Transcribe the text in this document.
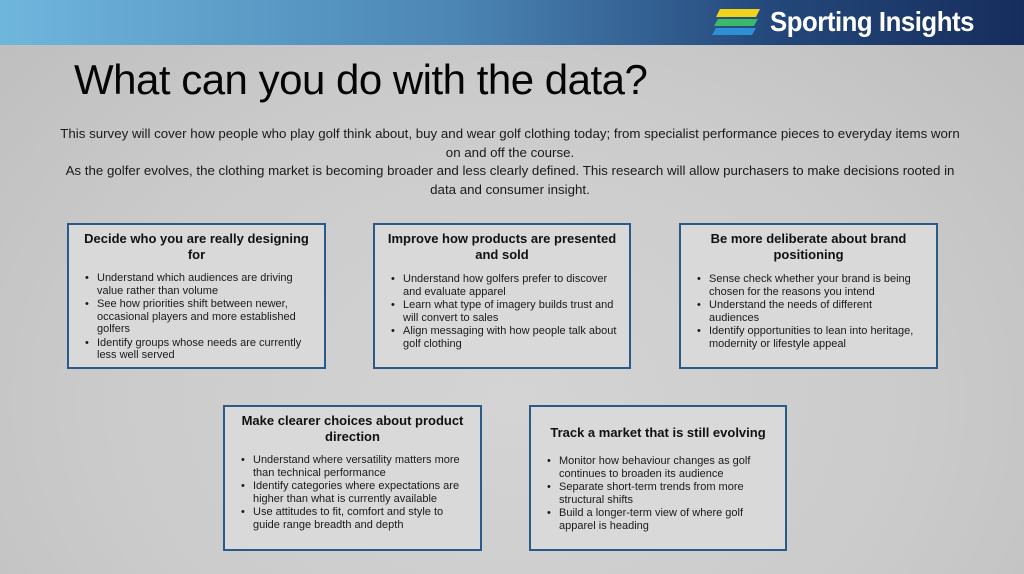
Sporting Insights
What can you do with the data?

This survey will cover how people who play golf think about, buy and wear golf clothing today; from specialist performance pieces to everyday items worn on and off the course.

As the golfer evolves, the clothing market is becoming broader and less clearly defined. This research will allow purchasers to make decisions rooted in data and consumer insight.

Decide who you are really designing for
• Understand which audiences are driving value rather than volume
• See how priorities shift between newer, occasional players and more established golfers
• Identify groups whose needs are currently less well served
Improve how products are presented and sold
• Understand how golfers prefer to discover and evaluate apparel
• Learn what type of imagery builds trust and will convert to sales
• Align messaging with how people talk about golf clothing
Be more deliberate about brand positioning
• Sense check whether your brand is being chosen for the reasons you intend
• Understand the needs of different audiences
• Identify opportunities to lean into heritage, modernity or lifestyle appeal
Make clearer choices about product direction
• Understand where versatility matters more than technical performance
• Identify categories where expectations are higher than what is currently available
• Use attitudes to fit, comfort and style to guide range breadth and depth
Track a market that is still evolving
• Monitor how behaviour changes as golf continues to broaden its audience
• Separate short-term trends from more structural shifts
• Build a longer-term view of where golf apparel is heading
